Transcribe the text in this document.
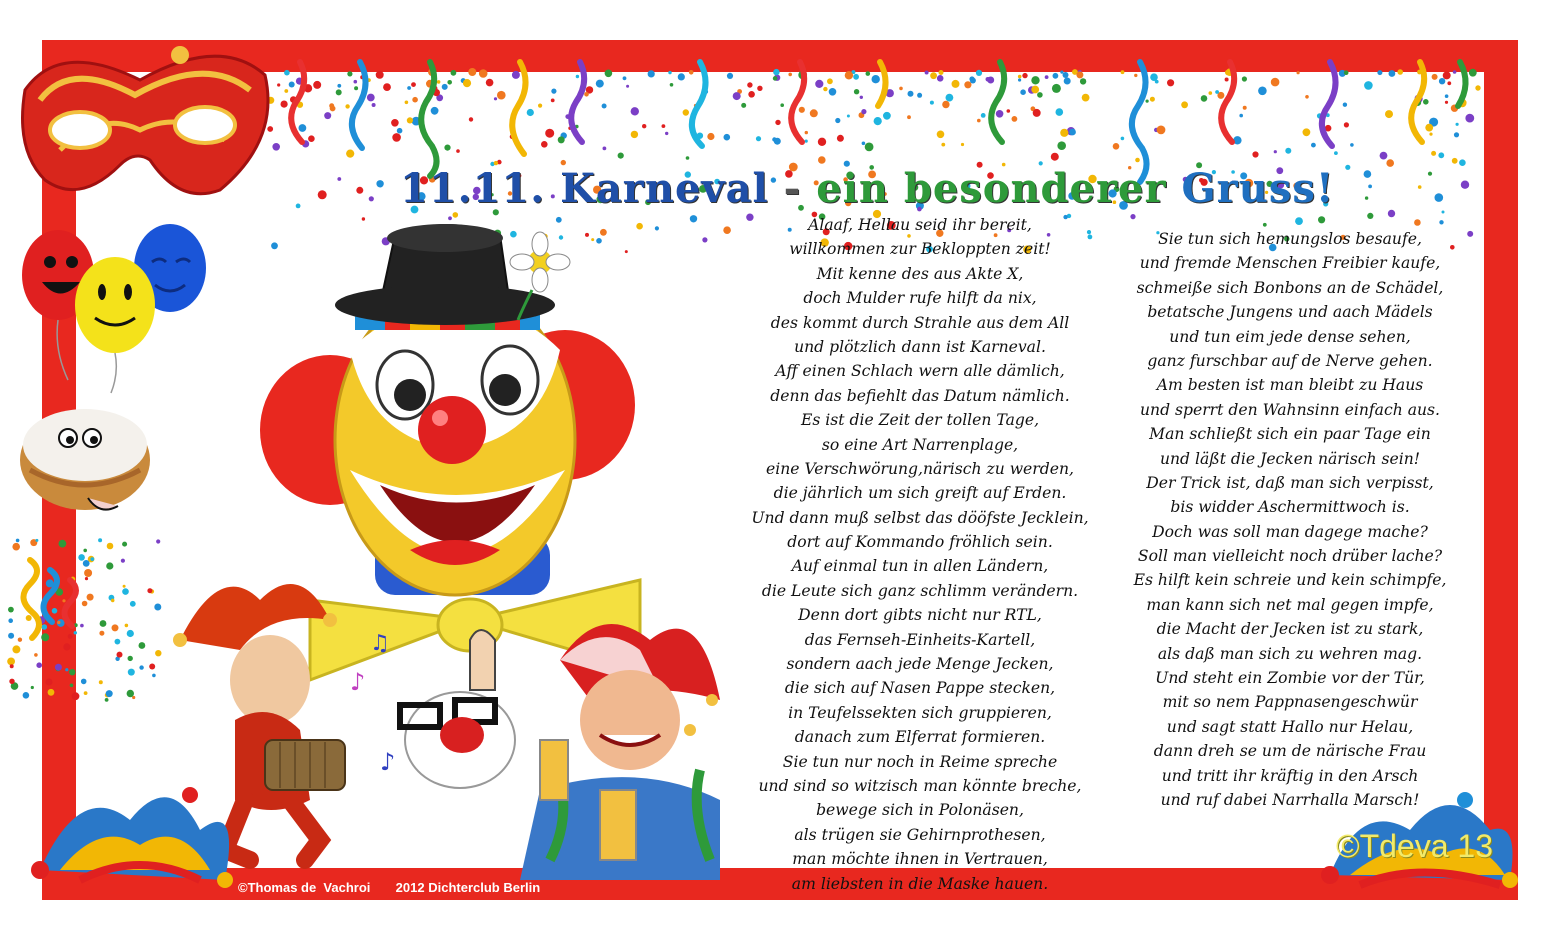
♪
♫
♪
11.11. Karneval - ein besonderer Gruss!
Alaaf, Hellau seid ihr bereit,
willkommen zur Bekloppten zeit!
Mit kenne des aus Akte X,
doch Mulder rufe hilft da nix,
des kommt durch Strahle aus dem All
und plötzlich dann ist Karneval.
Aff einen Schlach wern alle dämlich,
denn das befiehlt das Datum nämlich.
Es ist die Zeit der tollen Tage,
so eine Art Narrenplage,
eine Verschwörung,närisch zu werden,
die jährlich um sich greift auf Erden.
Und dann muß selbst das dööfste Jecklein,
dort auf Kommando fröhlich sein.
Auf einmal tun in allen Ländern,
die Leute sich ganz schlimm verändern.
Denn dort gibts nicht nur RTL,
das Fernseh-Einheits-Kartell,
sondern aach jede Menge Jecken,
die sich auf Nasen Pappe stecken,
in Teufelssekten sich gruppieren,
danach zum Elferrat formieren.
Sie tun nur noch in Reime spreche
und sind so witzisch man könnte breche,
bewege sich in Polonäsen,
als trügen sie Gehirnprothesen,
man möchte ihnen in Vertrauen,
am liebsten in die Maske hauen.
Sie tun sich hemungslos besaufe,
und fremde Menschen Freibier kaufe,
schmeiße sich Bonbons an de Schädel,
betatsche Jungens und aach Mädels
und tun eim jede dense sehen,
ganz furschbar auf de Nerve gehen.
Am besten ist man bleibt zu Haus
und sperrt den Wahnsinn einfach aus.
Man schließt sich ein paar Tage ein
und läßt die Jecken närisch sein!
Der Trick ist, daß man sich verpisst,
bis widder Aschermittwoch is.
Doch was soll man dagege mache?
Soll man vielleicht noch drüber lache?
Es hilft kein schreie und kein schimpfe,
man kann sich net mal gegen impfe,
die Macht der Jecken ist zu stark,
als daß man sich zu wehren mag.
Und steht ein Zombie vor der Tür,
mit so nem Pappnasengeschwür
und sagt statt Hallo nur Helau,
dann dreh se um de närische Frau
und tritt ihr kräftig in den Arsch
und ruf dabei Narrhalla Marsch!
©Thomas de  Vachroi       2012 Dichterclub Berlin
©Tdeva 13
